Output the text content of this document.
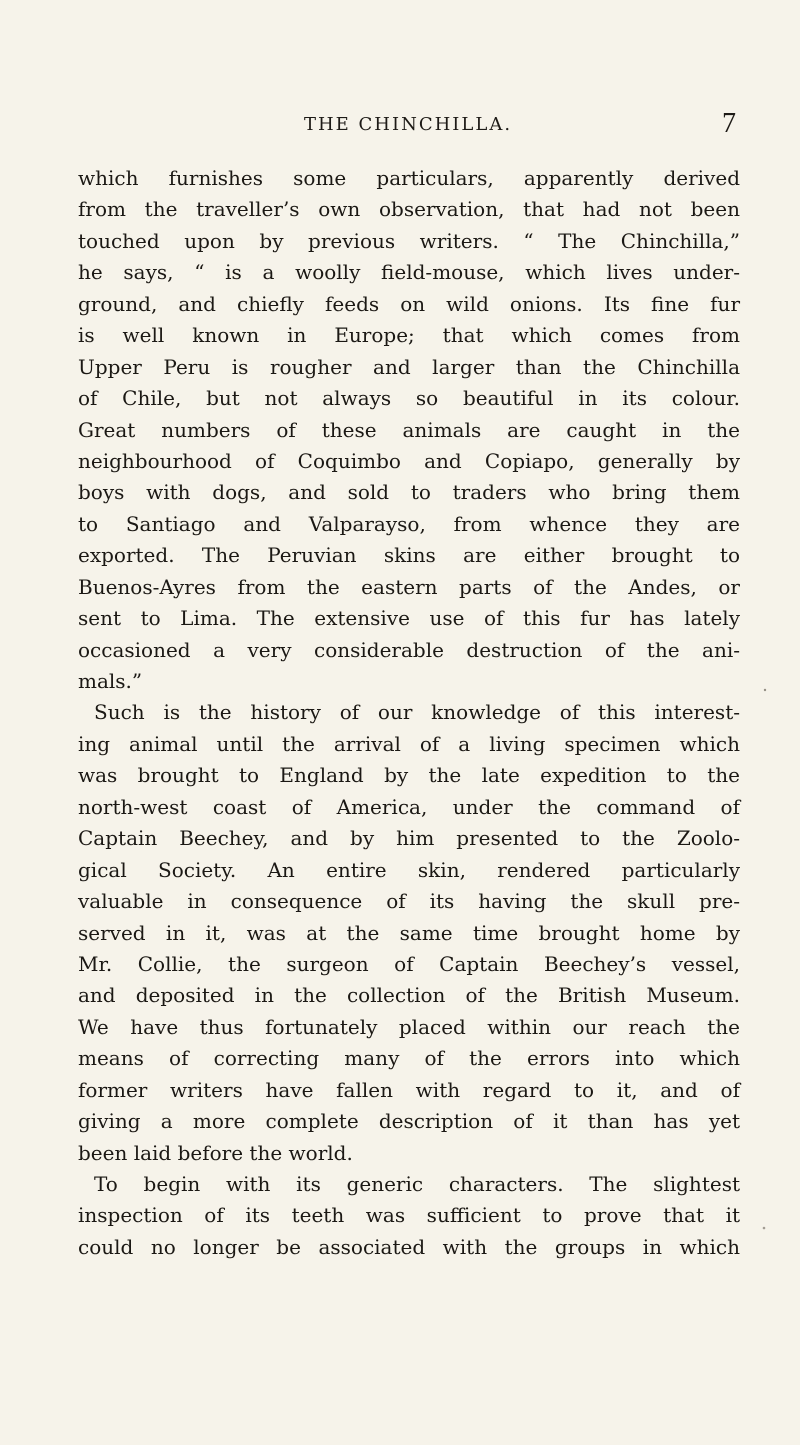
THE CHINCHILLA.	7
which furnishes some particulars, apparently derived
from the traveller’s own observation, that had not been
touched upon by previous writers. “ The Chinchilla,”
he says, “ is a woolly field-mouse, which lives under-
ground, and chiefly feeds on wild onions. Its fine fur
is well known in Europe; that which comes from
Upper Peru is rougher and larger than the Chinchilla
of Chile, but not always so beautiful in its colour.
Great numbers of these animals are caught in the
neighbourhood of Coquimbo and Copiapo, generally by
boys with dogs, and sold to traders who bring them
to Santiago and Valparayso, from whence they are
exported. The Peruvian skins are either brought to
Buenos-Ayres from the eastern parts of the Andes, or
sent to Lima. The extensive use of this fur has lately
occasioned a very considerable destruction of the ani-
mals.”
Such is the history of our knowledge of this interest-
ing animal until the arrival of a living specimen which
was brought to England by the late expedition to the
north-west coast of America, under the command of
Captain Beechey, and by him presented to the Zoolo-
gical Society. An entire skin, rendered particularly
valuable in consequence of its having the skull pre-
served in it, was at the same time brought home by
Mr. Collie, the surgeon of Captain Beechey’s vessel,
and deposited in the collection of the British Museum.
We have thus fortunately placed within our reach the
means of correcting many of the errors into which
former writers have fallen with regard to it, and of
giving a more complete description of it than has yet
been laid before the world.
To begin with its generic characters. The slightest
inspection of its teeth was sufficient to prove that it
could no longer be associated with the groups in which
